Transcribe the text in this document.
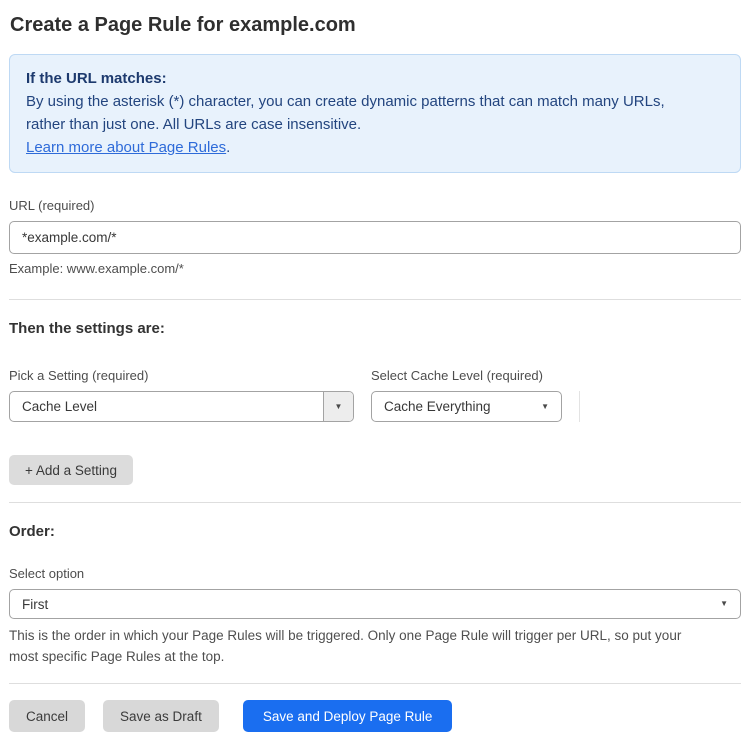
Create a Page Rule for example.com
If the URL matches:
By using the asterisk (*) character, you can create dynamic patterns that can match many URLs,
rather than just one. All URLs are case insensitive.
Learn more about Page Rules.
URL (required)
*example.com/*
Example: www.example.com/*
Then the settings are:
Pick a Setting (required)
Cache Level	▼
Select Cache Level (required)
Cache Everything	▼
+ Add a Setting
Order:
Select option
First	▼
This is the order in which your Page Rules will be triggered. Only one Page Rule will trigger per URL, so put your
most specific Page Rules at the top.
Cancel	Save as Draft	Save and Deploy Page Rule
